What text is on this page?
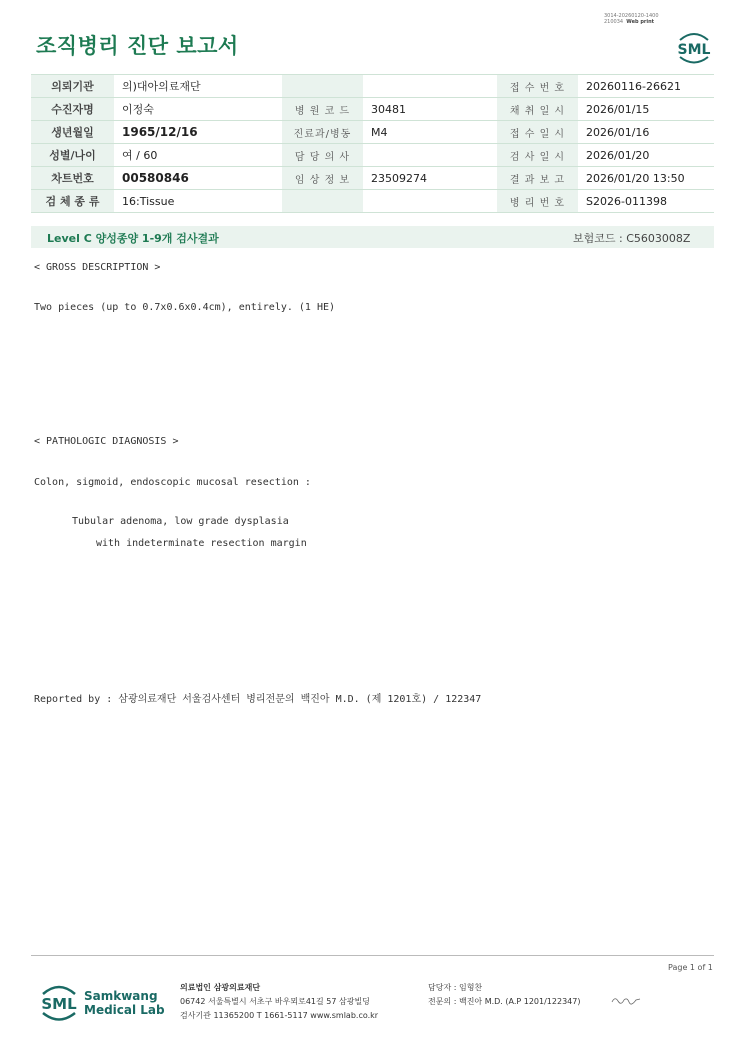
조직병리 진단 보고서
3014-20260120-1400
210034 Web print
SML
의뢰기관	의)대아의료재단			접 수 번 호	20260116-26621
수진자명	이정숙	병 원 코 드	30481	채 취 일 시	2026/01/15
생년월일	1965/12/16	진료과/병동	M4	접 수 일 시	2026/01/16
성별/나이	여 / 60	담 당 의 사		검 사 일 시	2026/01/20
차트번호	00580846	임 상 정 보	23509274	결 과 보 고	2026/01/20 13:50
검 체 종 류	16:Tissue			병 리 번 호	S2026-011398
Level C 양성종양 1-9개 검사결과	보험코드 : C5603008Z
< GROSS DESCRIPTION >
Two pieces (up to 0.7x0.6x0.4cm), entirely. (1 HE)
< PATHOLOGIC DIAGNOSIS >
Colon, sigmoid, endoscopic mucosal resection :
Tubular adenoma, low grade dysplasia
with indeterminate resection margin
Reported by : 삼광의료재단 서울검사센터 병리전문의 백진아 M.D. (제 1201호) / 122347
Page 1 of 1
SML Samkwang
Medical Lab
의료법인 삼광의료재단
06742 서울특별시 서초구 바우뫼로41길 57 삼광빌딩
검사기관 11365200 T 1661-5117 www.smlab.co.kr
담당자 : 임형찬
전문의 : 백진아 M.D. (A.P 1201/122347)
